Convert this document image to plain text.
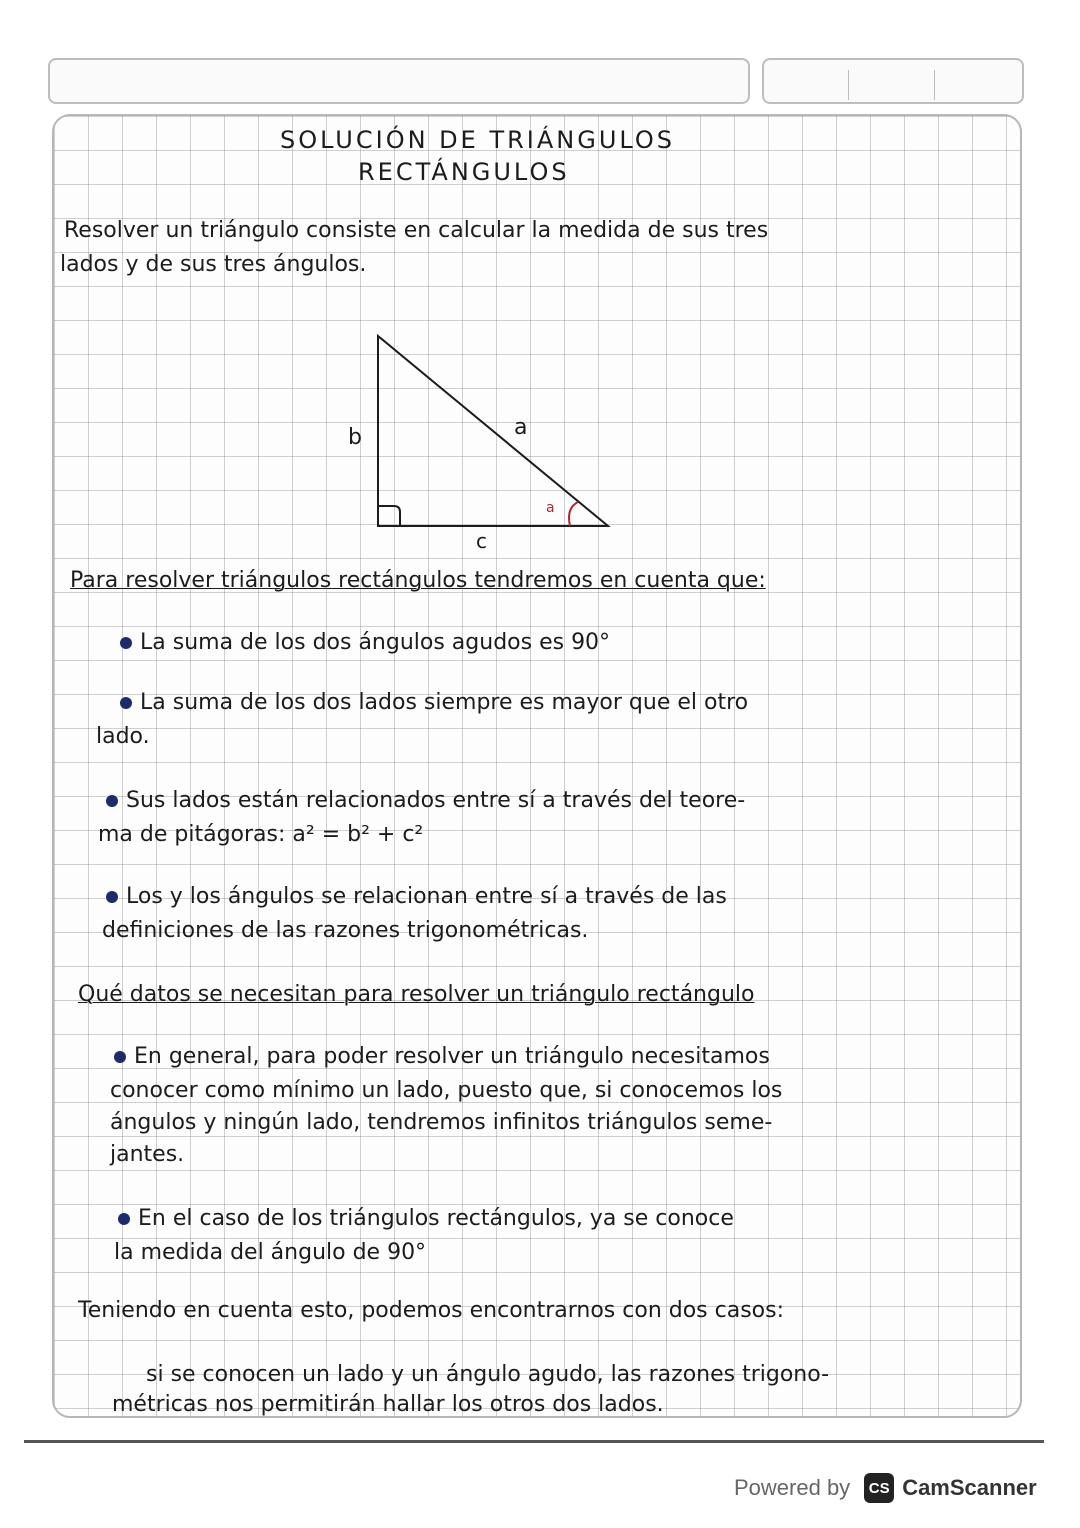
SOLUCIÓN DE TRIÁNGULOS
RECTÁNGULOS
Resolver un triángulo consiste en calcular la medida de sus tres
lados y de sus tres ángulos.
b	a
c
a
Para resolver triángulos rectángulos tendremos en cuenta que:
La suma de los dos ángulos agudos es 90°
La suma de los dos lados siempre es mayor que el otro
lado.
Sus lados están relacionados entre sí a través del teore-
ma de pitágoras: a² = b² + c²
Los y los ángulos se relacionan entre sí a través de las
definiciones de las razones trigonométricas.
Qué datos se necesitan para resolver un triángulo rectángulo
En general, para poder resolver un triángulo necesitamos
conocer como mínimo un lado, puesto que, si conocemos los
ángulos y ningún lado, tendremos infinitos triángulos seme-
jantes.
En el caso de los triángulos rectángulos, ya se conoce
la medida del ángulo de 90°
Teniendo en cuenta esto, podemos encontrarnos con dos casos:
si se conocen un lado y un ángulo agudo, las razones trigono-
métricas nos permitirán hallar los otros dos lados.
Powered by	CS CamScanner
